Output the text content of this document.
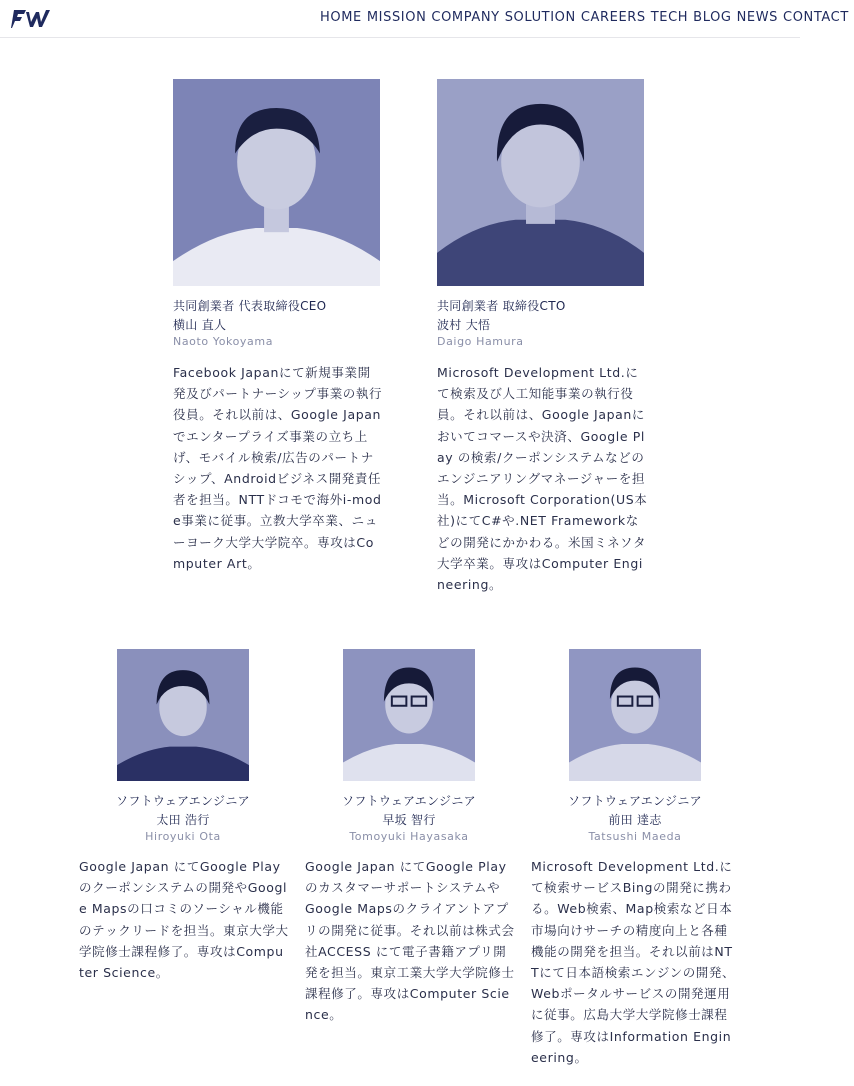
HOME MISSION COMPANY SOLUTION CAREERS TECH BLOG NEWS CONTACT
共同創業者 代表取締役CEO
横山 直人
Naoto Yokoyama
Facebook Japanにて新規事業開発及びパートナーシップ事業の執行役員。それ以前は、Google Japanでエンタープライズ事業の立ち上げ、モバイル検索/広告のパートナシップ、Androidビジネス開発責任者を担当。NTTドコモで海外i-mode事業に従事。立教大学卒業、ニューヨーク大学大学院卒。専攻はComputer Art。
共同創業者 取締役CTO
波村 大悟
Daigo Hamura
Microsoft Development Ltd.にて検索及び人工知能事業の執行役員。それ以前は、Google Japanにおいてコマースや決済、Google Play の検索/クーポンシステムなどのエンジニアリングマネージャーを担当。Microsoft Corporation(US本社)にてC#や.NET Frameworkなどの開発にかかわる。米国ミネソタ大学卒業。専攻はComputer Engineering。
ソフトウェアエンジニア
太田 浩行
Hiroyuki Ota
Google Japan にてGoogle Playのクーポンシステムの開発やGoogle Mapsの口コミのソーシャル機能のテックリードを担当。東京大学大学院修士課程修了。専攻はComputer Science。
ソフトウェアエンジニア
早坂 智行
Tomoyuki Hayasaka
Google Japan にてGoogle Playのカスタマーサポートシステムや Google Mapsのクライアントアプリの開発に従事。それ以前は株式会社ACCESS にて電子書籍アプリ開発を担当。東京工業大学大学院修士課程修了。専攻はComputer Science。
ソフトウェアエンジニア
前田 達志
Tatsushi Maeda
Microsoft Development Ltd.にて検索サービスBingの開発に携わる。Web検索、Map検索など日本市場向けサーチの精度向上と各種機能の開発を担当。それ以前はNTTにて日本語検索エンジンの開発、Webポータルサービスの開発運用に従事。広島大学大学院修士課程修了。専攻はInformation Engineering。
